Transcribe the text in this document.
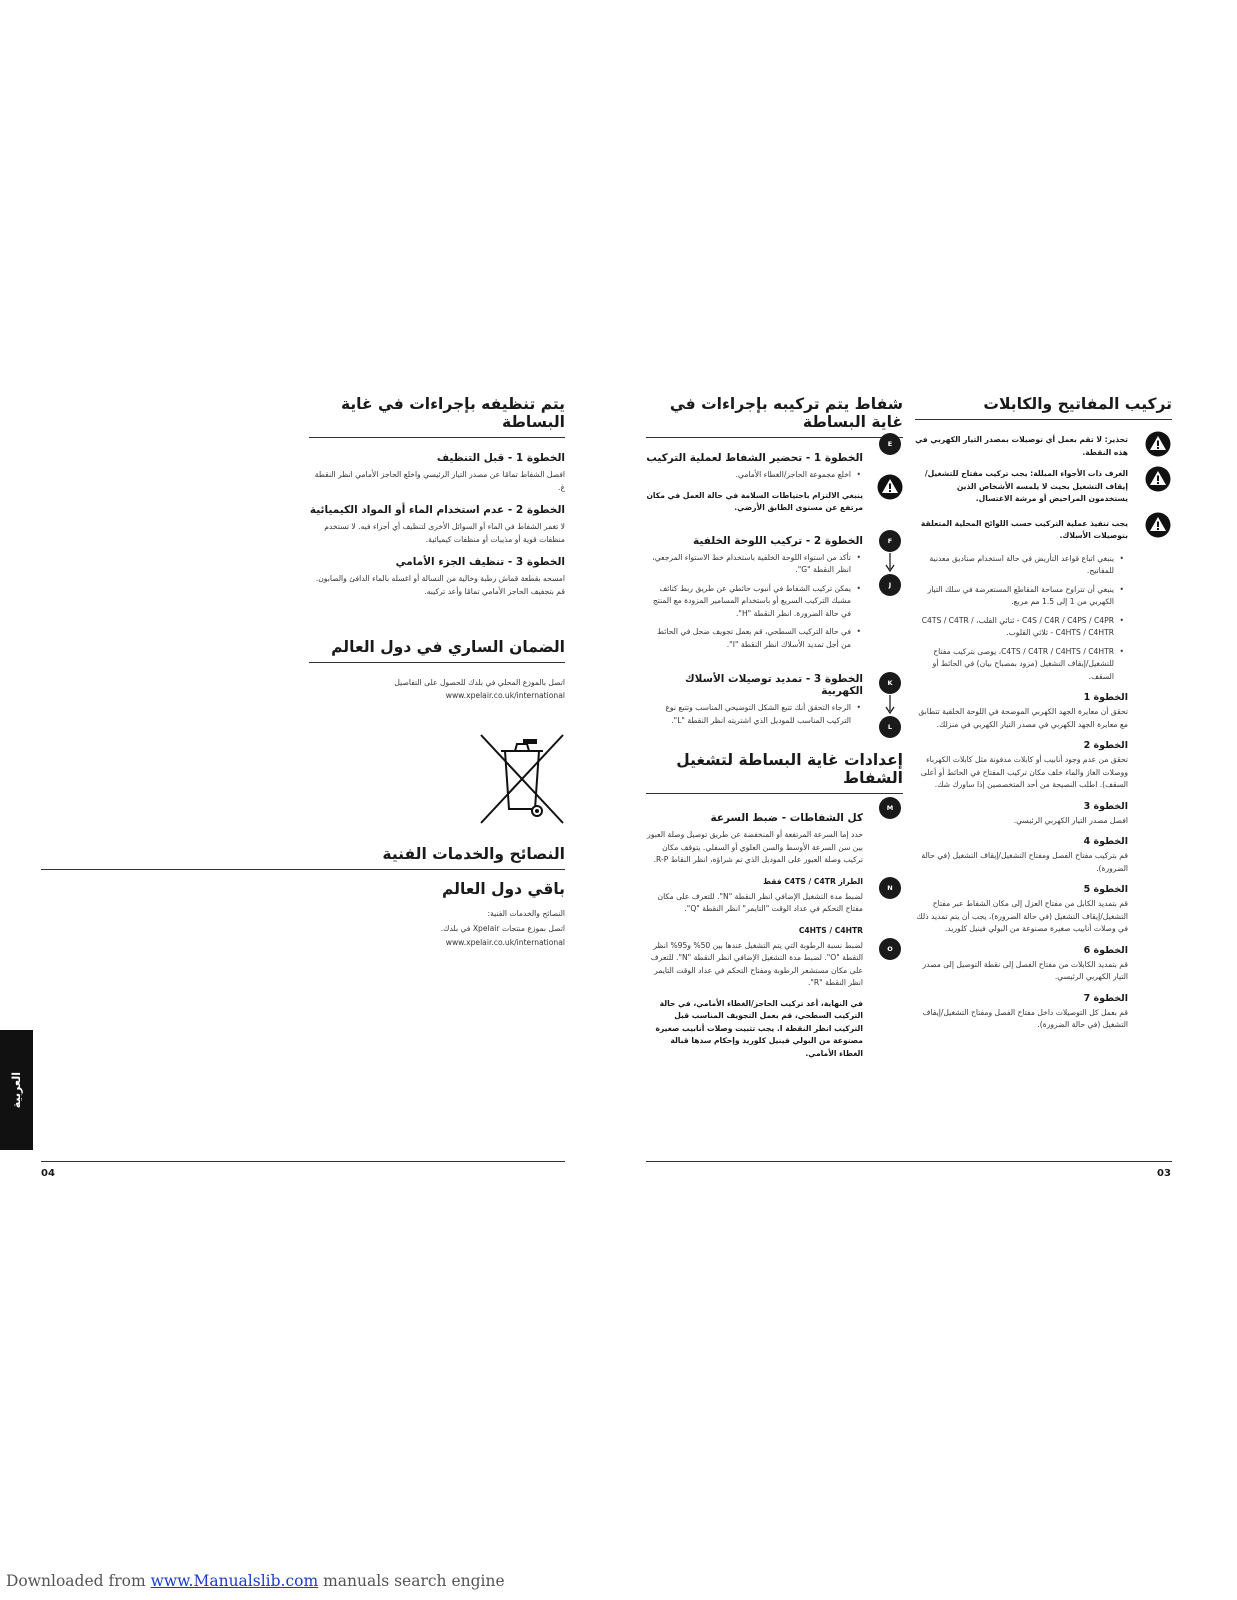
تركيب المفاتيح والكابلات

تحذير: لا تقم بعمل أي توصيلات بمصدر التيار الكهربي في هذه النقطة.

الغرف ذات الأجواء المبللة: يجب تركيب مفتاح للتشغيل/إيقاف التشغيل بحيث لا يلمسه الأشخاص الذين يستخدمون المراحيض أو مرشة الاغتسال.

يجب تنفيذ عملية التركيب حسب اللوائح المحلية المتعلقة بتوصيلات الأسلاك.

• ينبغي اتباع قواعد التأريض في حالة استخدام صناديق معدنية للمفاتيح.
• ينبغي أن تتراوح مساحة المقاطع المستعرضة في سلك التيار الكهربي من 1 إلى 1.5 مم مربع.
• C4S / C4R / C4PS / C4PR - ثنائي القلب، C4TS / C4TR / C4HTS / C4HTR - ثلاثي القلوب.
• C4TS / C4TR / C4HTS / C4HTR، يوصى بتركيب مفتاح للتشغيل/إيقاف التشغيل (مزود بمصباح بيان) في الحائط أو السقف.
الخطوة 1

تحقق أن معايرة الجهد الكهربي الموضحة في اللوحة الخلفية تتطابق مع معايرة الجهد الكهربي في مصدر التيار الكهربي في منزلك.

الخطوة 2

تحقق من عدم وجود أنابيب أو كابلات مدفونة مثل كابلات الكهرباء ووصلات الغاز والماء خلف مكان تركيب المفتاح في الحائط أو أعلى السقف). اطلب النصيحة من أحد المتخصصين إذا ساورك شك.

الخطوة 3

افصل مصدر التيار الكهربي الرئيسي.

الخطوة 4

قم بتركيب مفتاح الفصل ومفتاح التشغيل/إيقاف التشغيل (في حالة الضرورة).

الخطوة 5

قم بتمديد الكابل من مفتاح العزل إلى مكان الشفاط عبر مفتاح التشغيل/إيقاف التشغيل (في حالة الضرورة)، يجب أن يتم تمديد ذلك في وصلات أنابيب صغيرة مصنوعة من البولي فينيل كلوريد.

الخطوة 6

قم بتمديد الكابلات من مفتاح الفصل إلى نقطة التوصيل إلى مصدر التيار الكهربي الرئيسي.

الخطوة 7

قم بعمل كل التوصيلات داخل مفتاح الفصل ومفتاح التشغيل/إيقاف التشغيل (في حالة الضرورة).

شفاط يتم تركيبه بإجراءات في غاية البساطة
الخطوة 1 - تحضير الشفاط لعملية التركيب
• اخلع مجموعة الحاجز/الغطاء الأمامي.

ينبغي الالتزام باحتياطات السلامة في حالة العمل في مكان مرتفع عن مستوى الطابق الأرضي.

الخطوة 2 - تركيب اللوحة الخلفية
• تأكد من استواء اللوحة الخلفية باستخدام خط الاستواء المرجعي، انظر النقطة "G".
• يمكن تركيب الشفاط في أنبوب حائطي عن طريق ربط كتائف مشبك التركيب السريع أو باستخدام المسامير المزودة مع المنتج في حالة الضرورة. انظر النقطة "H".
• في حالة التركيب السطحي، قم بعمل تجويف ضحل في الحائط من أجل تمديد الأسلاك انظر النقطة "I".
الخطوة 3 - تمديد توصيلات الأسلاك الكهربية
• الرجاء التحقق أنك تتبع الشكل التوضيحي المناسب وتتبع نوع التركيب المناسب للموديل الذي اشتريته انظر النقطة "L".
إعدادات غاية البساطة لتشغيل الشفاط
كل الشفاطات - ضبط السرعة

حدد إما السرعة المرتفعة أو المنخفضة عن طريق توصيل وصلة العبور بين سن السرعة الأوسط والسن العلوي أو السفلي. يتوقف مكان تركيب وصلة العبور على الموديل الذي تم شراؤه، انظر النقاط R-P.

الطراز C4TS / C4TR فقط

لضبط مدة التشغيل الإضافي انظر النقطة "N". للتعرف على مكان مفتاح التحكم في عداد الوقت "التايمر" انظر النقطة "Q".

C4HTS / C4HTR

لضبط نسبة الرطوبة التي يتم التشغيل عندها بين 50% و95% انظر النقطة "O". لضبط مدة التشغيل الإضافي انظر النقطة "N". للتعرف على مكان مستشعر الرطوبة ومفتاح التحكم في عداد الوقت التايمر انظر النقطة "R".

في النهاية، أعد تركيب الحاجز/الغطاء الأمامي، في حالة التركيب السطحي، قم بعمل التجويف المناسب قبل التركيب انظر النقطة I. يجب تثبيت وصلات أنابيب صغيرة مصنوعة من البولي فينيل كلوريد وإحكام سدها قبالة الغطاء الأمامي.

E
F
J
K
L
M
N
O
03
يتم تنظيفه بإجراءات في غاية البساطة
الخطوة 1 - قبل التنظيف

افصل الشفاط تمامًا عن مصدر التيار الرئيسي واخلع الحاجز الأمامي انظر النقطة غ.

الخطوة 2 - عدم استخدام الماء أو المواد الكيميائية

لا تغمر الشفاط في الماء أو السوائل الأخرى لتنظيف أي أجزاء فيه. لا تستخدم منظفات قوية أو مذيبات أو منظفات كيميائية.

الخطوة 3 - تنظيف الجزء الأمامي

امسحه بقطعة قماش رطبة وخالية من النسالة أو اغسله بالماء الدافئ والصابون. قم بتجفيف الحاجز الأمامي تمامًا وأعد تركيبه.

الضمان الساري في دول العالم

اتصل بالموزع المحلي في بلدك للحصول على التفاصيل

www.xpelair.co.uk/international

النصائح والخدمات الفنية
باقي دول العالم

النصائح والخدمات الفنية:

اتصل بموزع منتجات Xpelair في بلدك.

www.xpelair.co.uk/international

04
العربية
Downloaded from www.Manualslib.com manuals search engine
